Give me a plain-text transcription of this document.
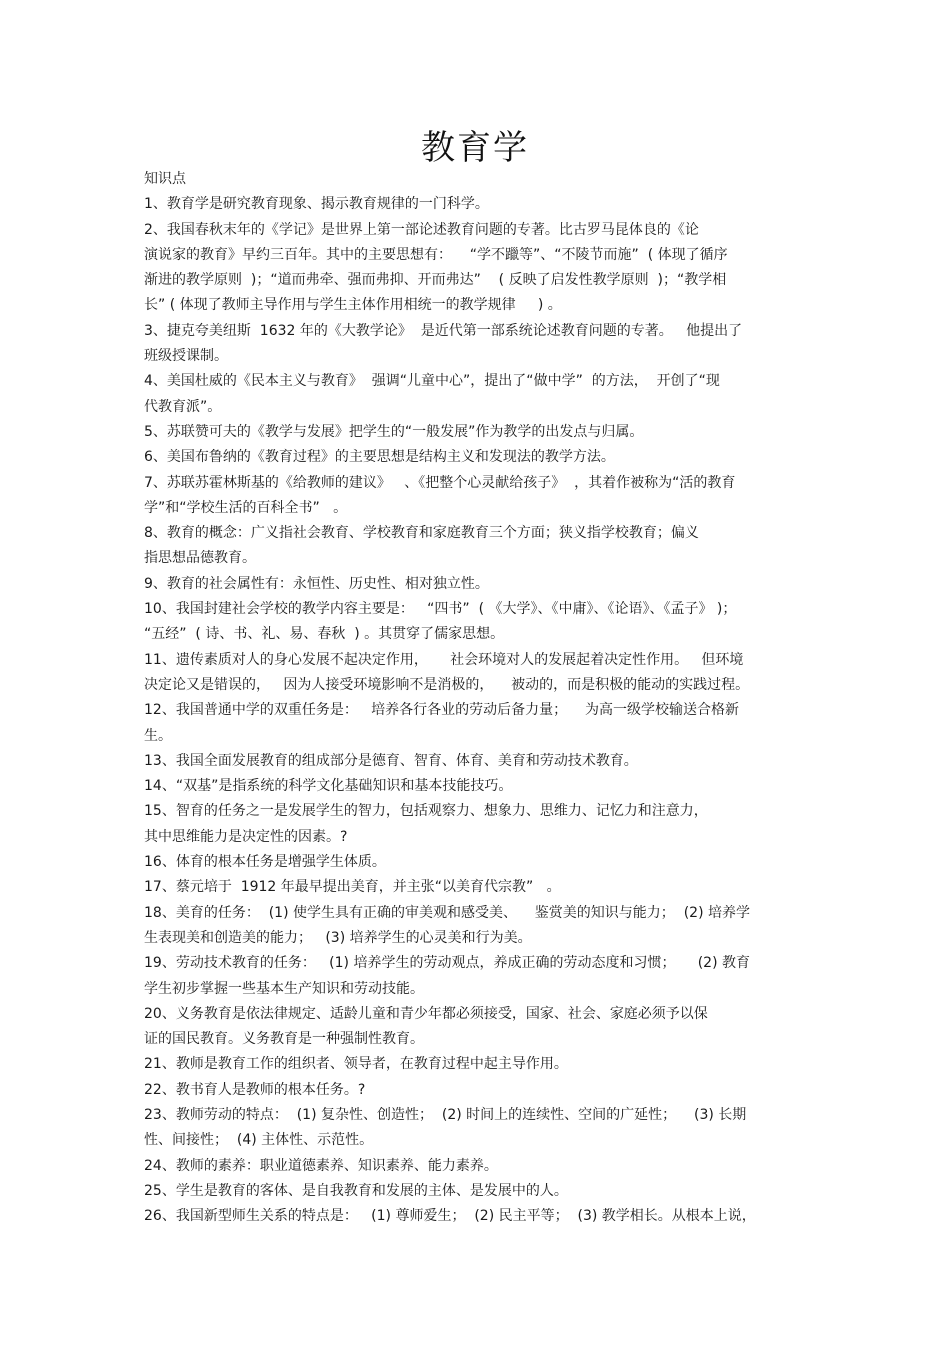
教育学

知识点

1、教育学是研究教育现象、揭示教育规律的一门科学。

2、我国春秋末年的《学记》是世界上第一部论述教育问题的专著。比古罗马昆体良的《论

演说家的教育》早约三百年。其中的主要思想有：    “学不躐等”、“不陵节而施”  ( 体现了循序

渐进的教学原则  )；“道而弗牵、强而弗抑、开而弗达”    ( 反映了启发性教学原则  )；“教学相

长” ( 体现了教师主导作用与学生主体作用相统一的教学规律     ) 。

3、捷克夸美纽斯  1632 年的《大教学论》  是近代第一部系统论述教育问题的专著。   他提出了

班级授课制。

4、美国杜威的《民本主义与教育》  强调“儿童中心”，提出了“做中学”  的方法，  开创了“现

代教育派”。

5、苏联赞可夫的《教学与发展》把学生的“一般发展”作为教学的出发点与归属。

6、美国布鲁纳的《教育过程》的主要思想是结构主义和发现法的教学方法。

7、苏联苏霍林斯基的《给教师的建议》   、《把整个心灵献给孩子》  ，其着作被称为“活的教育

学”和“学校生活的百科全书”   。

8、教育的概念：广义指社会教育、学校教育和家庭教育三个方面；狭义指学校教育；偏义

指思想品德教育。

9、教育的社会属性有：永恒性、历史性、相对独立性。

10、我国封建社会学校的教学内容主要是：   “四书”  ( 《大学》、《中庸》、《论语》、《孟子》 )；

“五经”  ( 诗、书、礼、易、春秋  ) 。其贯穿了儒家思想。

11、遗传素质对人的身心发展不起决定作用，     社会环境对人的发展起着决定性作用。   但环境

决定论又是错误的，   因为人接受环境影响不是消极的，    被动的，而是积极的能动的实践过程。

12、我国普通中学的双重任务是：   培养各行各业的劳动后备力量；    为高一级学校输送合格新

生。

13、我国全面发展教育的组成部分是德育、智育、体育、美育和劳动技术教育。

14、“双基”是指系统的科学文化基础知识和基本技能技巧。

15、智育的任务之一是发展学生的智力，包括观察力、想象力、思维力、记忆力和注意力，

其中思维能力是决定性的因素。?

16、体育的根本任务是增强学生体质。

17、蔡元培于  1912 年最早提出美育，并主张“以美育代宗教”   。

18、美育的任务：  (1) 使学生具有正确的审美观和感受美、    鉴赏美的知识与能力；  (2) 培养学

生表现美和创造美的能力；   (3) 培养学生的心灵美和行为美。

19、劳动技术教育的任务：   (1) 培养学生的劳动观点，养成正确的劳动态度和习惯；     (2) 教育

学生初步掌握一些基本生产知识和劳动技能。

20、义务教育是依法律规定、适龄儿童和青少年都必须接受，国家、社会、家庭必须予以保

证的国民教育。义务教育是一种强制性教育。

21、教师是教育工作的组织者、领导者，在教育过程中起主导作用。

22、教书育人是教师的根本任务。?

23、教师劳动的特点：  (1) 复杂性、创造性；  (2) 时间上的连续性、空间的广延性；    (3) 长期

性、间接性；  (4) 主体性、示范性。

24、教师的素养：职业道德素养、知识素养、能力素养。

25、学生是教育的客体、是自我教育和发展的主体、是发展中的人。

26、我国新型师生关系的特点是：   (1) 尊师爱生；  (2) 民主平等；  (3) 教学相长。从根本上说，
